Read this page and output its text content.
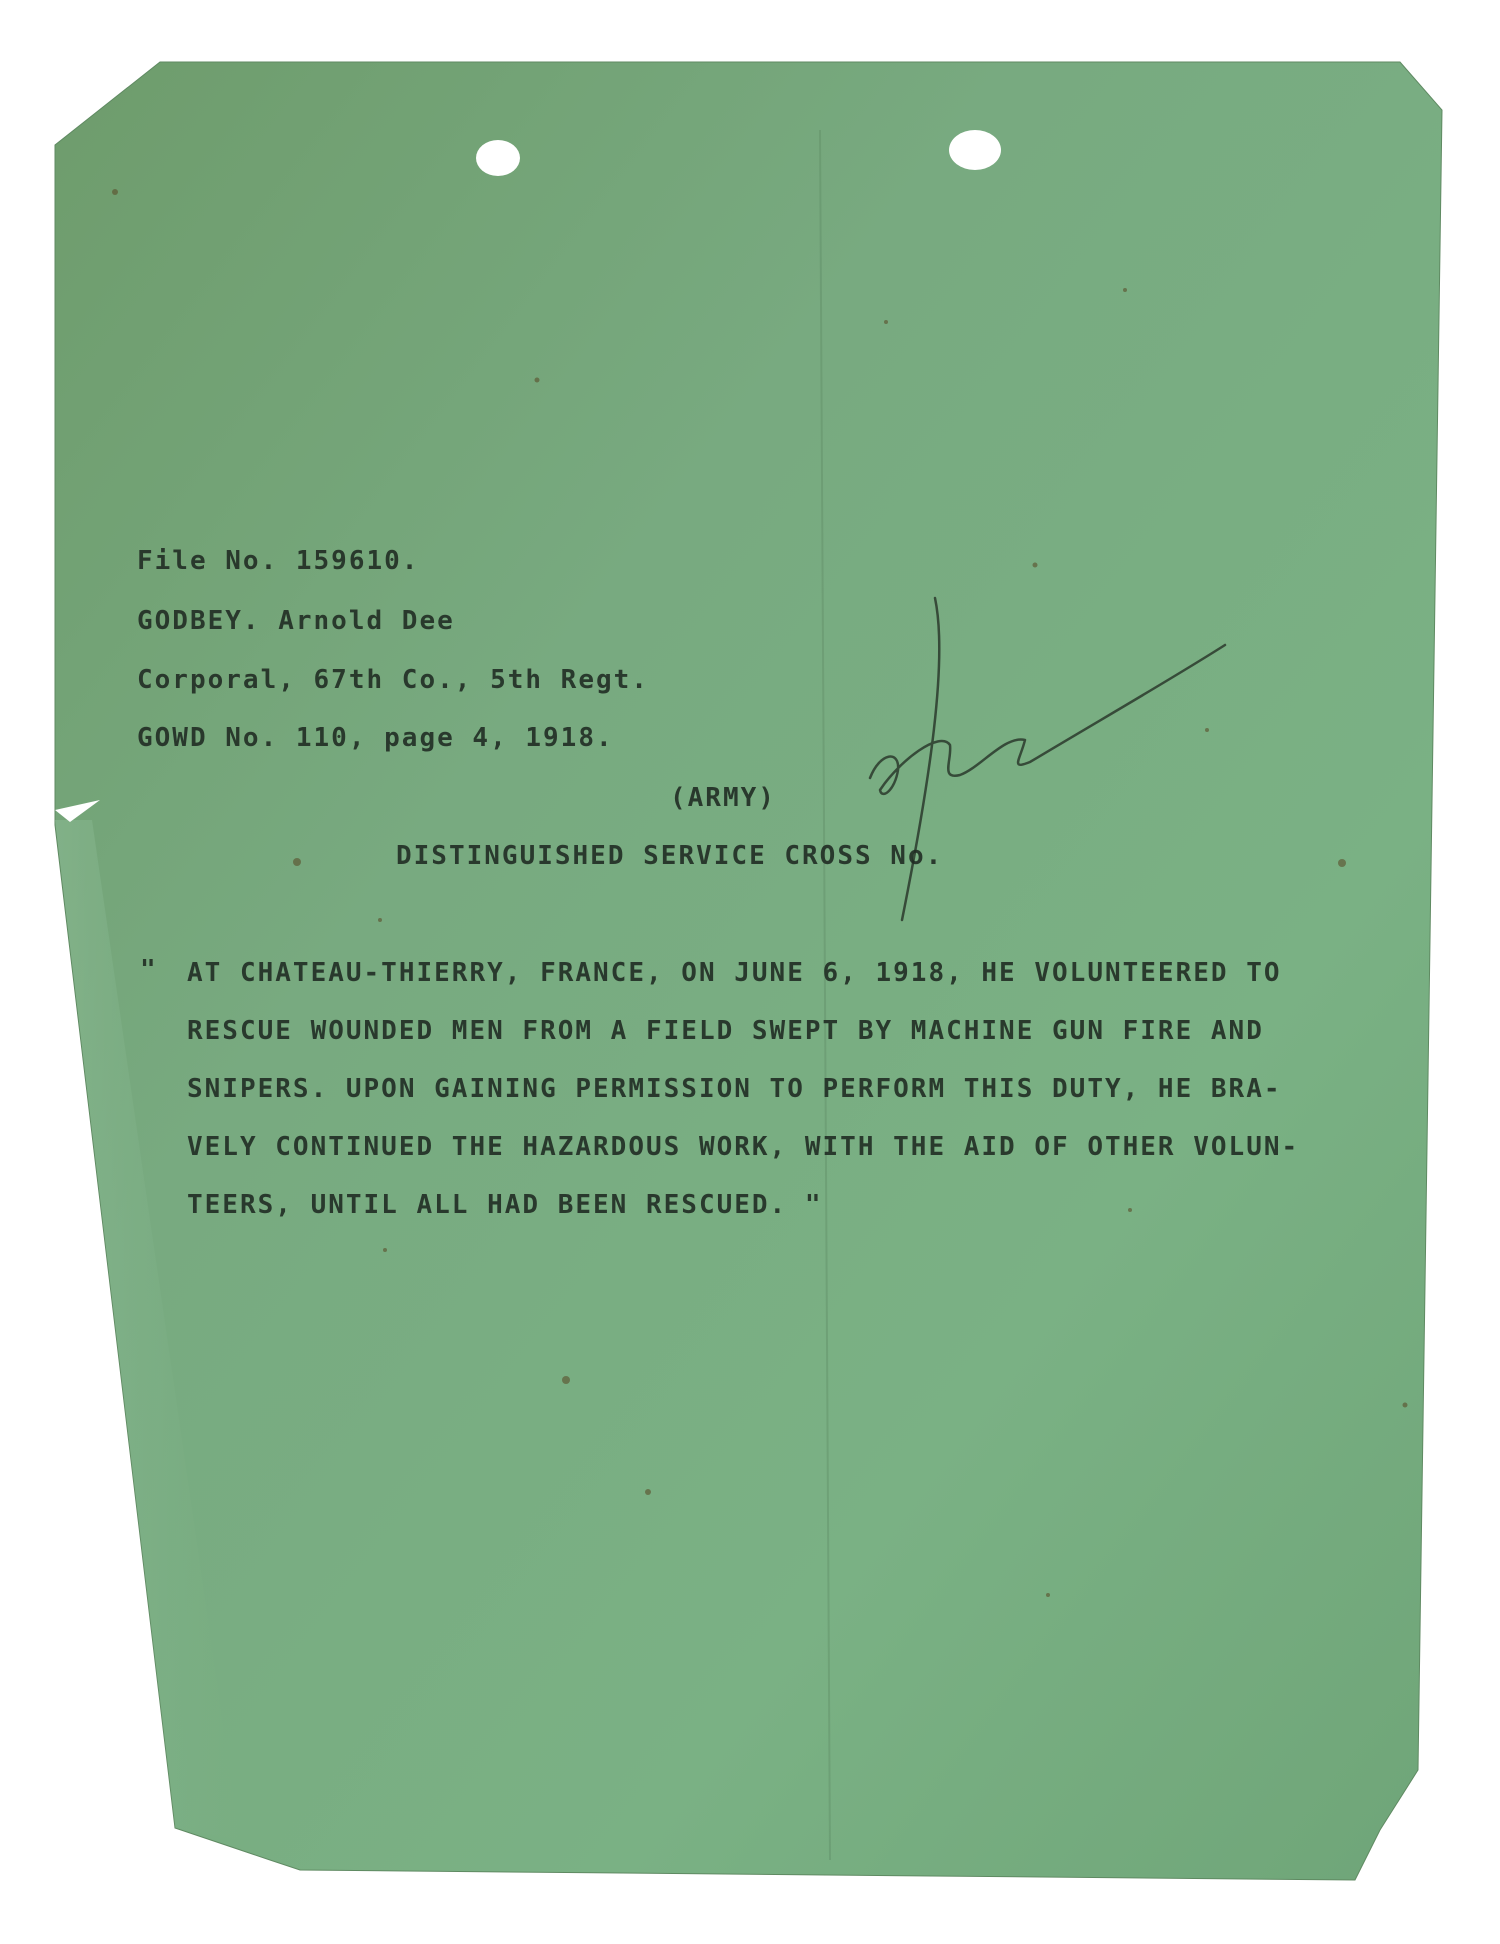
File No. 159610.
GODBEY. Arnold Dee
Corporal, 67th Co., 5th Regt.
GOWD No. 110, page 4, 1918.
(ARMY)
DISTINGUISHED SERVICE CROSS No.
" AT CHATEAU-THIERRY, FRANCE, ON JUNE 6, 1918, HE VOLUNTEERED TO
RESCUE WOUNDED MEN FROM A FIELD SWEPT BY MACHINE GUN FIRE AND
SNIPERS. UPON GAINING PERMISSION TO PERFORM THIS DUTY, HE BRA-
VELY CONTINUED THE HAZARDOUS WORK, WITH THE AID OF OTHER VOLUN-
TEERS, UNTIL ALL HAD BEEN RESCUED. "
